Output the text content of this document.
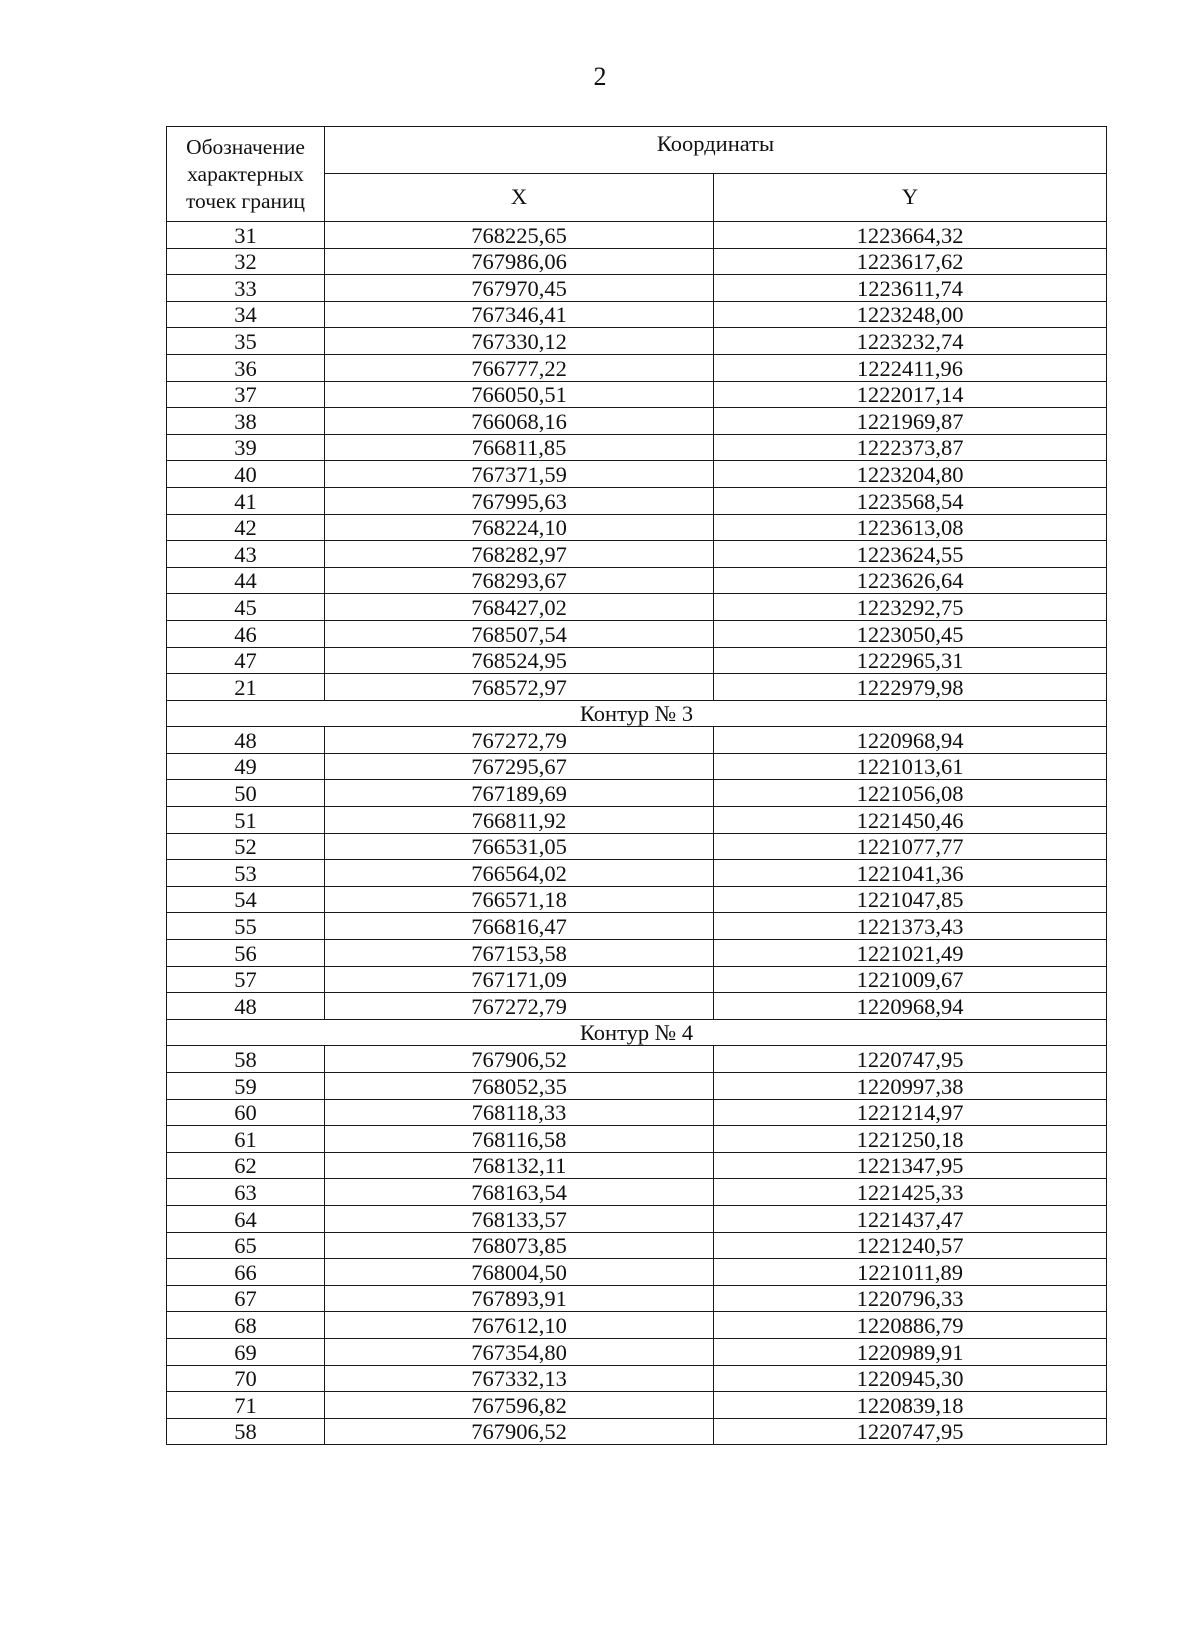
2
Обозначение характерных точек границ	Координаты	
	X	Y
31	768225,65	1223664,32
32	767986,06	1223617,62
33	767970,45	1223611,74
34	767346,41	1223248,00
35	767330,12	1223232,74
36	766777,22	1222411,96
37	766050,51	1222017,14
38	766068,16	1221969,87
39	766811,85	1222373,87
40	767371,59	1223204,80
41	767995,63	1223568,54
42	768224,10	1223613,08
43	768282,97	1223624,55
44	768293,67	1223626,64
45	768427,02	1223292,75
46	768507,54	1223050,45
47	768524,95	1222965,31
21	768572,97	1222979,98
Контур № 3		
48	767272,79	1220968,94
49	767295,67	1221013,61
50	767189,69	1221056,08
51	766811,92	1221450,46
52	766531,05	1221077,77
53	766564,02	1221041,36
54	766571,18	1221047,85
55	766816,47	1221373,43
56	767153,58	1221021,49
57	767171,09	1221009,67
48	767272,79	1220968,94
Контур № 4		
58	767906,52	1220747,95
59	768052,35	1220997,38
60	768118,33	1221214,97
61	768116,58	1221250,18
62	768132,11	1221347,95
63	768163,54	1221425,33
64	768133,57	1221437,47
65	768073,85	1221240,57
66	768004,50	1221011,89
67	767893,91	1220796,33
68	767612,10	1220886,79
69	767354,80	1220989,91
70	767332,13	1220945,30
71	767596,82	1220839,18
58	767906,52	1220747,95
